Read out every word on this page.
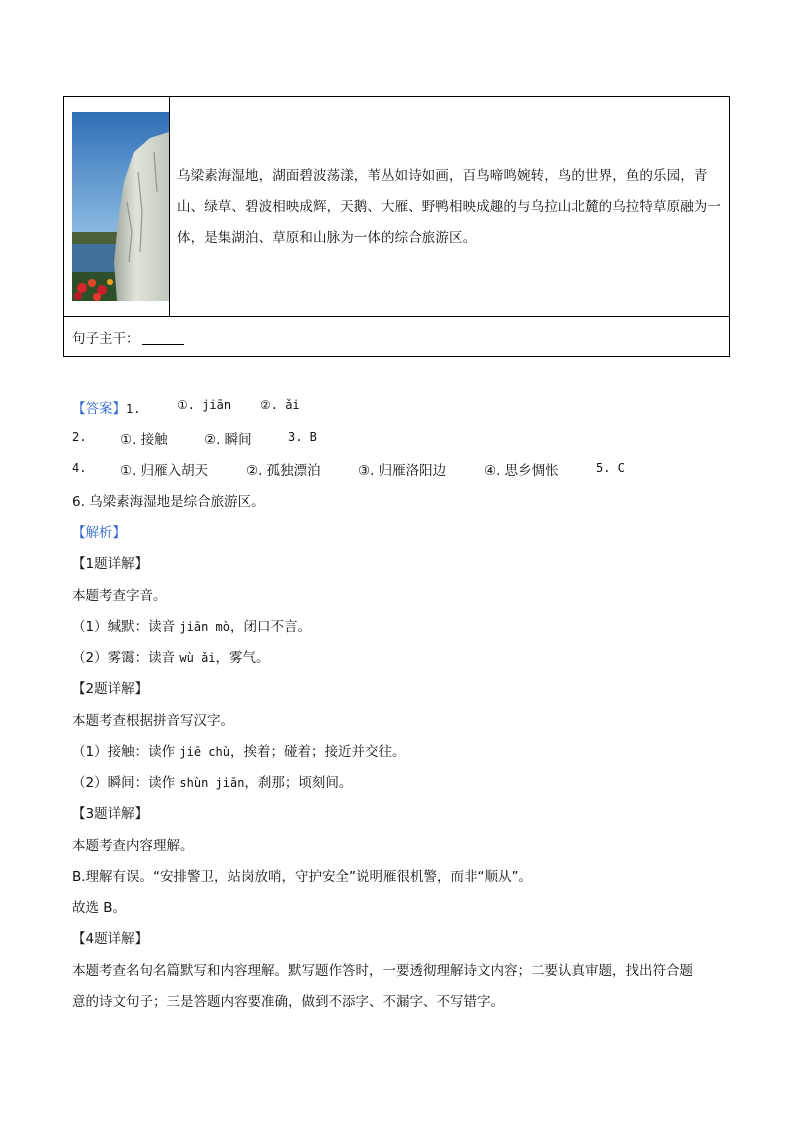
乌梁素海湿地，湖面碧波荡漾，苇丛如诗如画，百鸟啼鸣婉转，鸟的世界，鱼的乐园，青山、绿草、碧波相映成辉，天鹅、大雁、野鸭相映成趣的与乌拉山北麓的乌拉特草原融为一体，是集湖泊、草原和山脉为一体的综合旅游区。
句子主干：
【答案】1.	①. jiān ②. ǎi
2. ①. 接触	②. 瞬间	3. B
4. ①. 归雁入胡天	②. 孤独漂泊	③. 归雁洛阳边	④. 思乡惆怅	5. C
6. 乌梁素海湿地是综合旅游区。
【解析】
【1题详解】
本题考查字音。
（1）缄默：读音 jiān mò，闭口不言。
（2）雾霭：读音 wù ǎi，雾气。
【2题详解】
本题考查根据拼音写汉字。
（1）接触：读作 jiē chù，挨着；碰着；接近并交往。
（2）瞬间：读作 shùn jiān，刹那；顷刻间。
【3题详解】
本题考查内容理解。
B.理解有误。“安排警卫，站岗放哨，守护安全”说明雁很机警，而非“顺从”。
故选 B。
【4题详解】
本题考查名句名篇默写和内容理解。默写题作答时，一要透彻理解诗文内容；二要认真审题，找出符合题
意的诗文句子；三是答题内容要准确，做到不添字、不漏字、不写错字。
